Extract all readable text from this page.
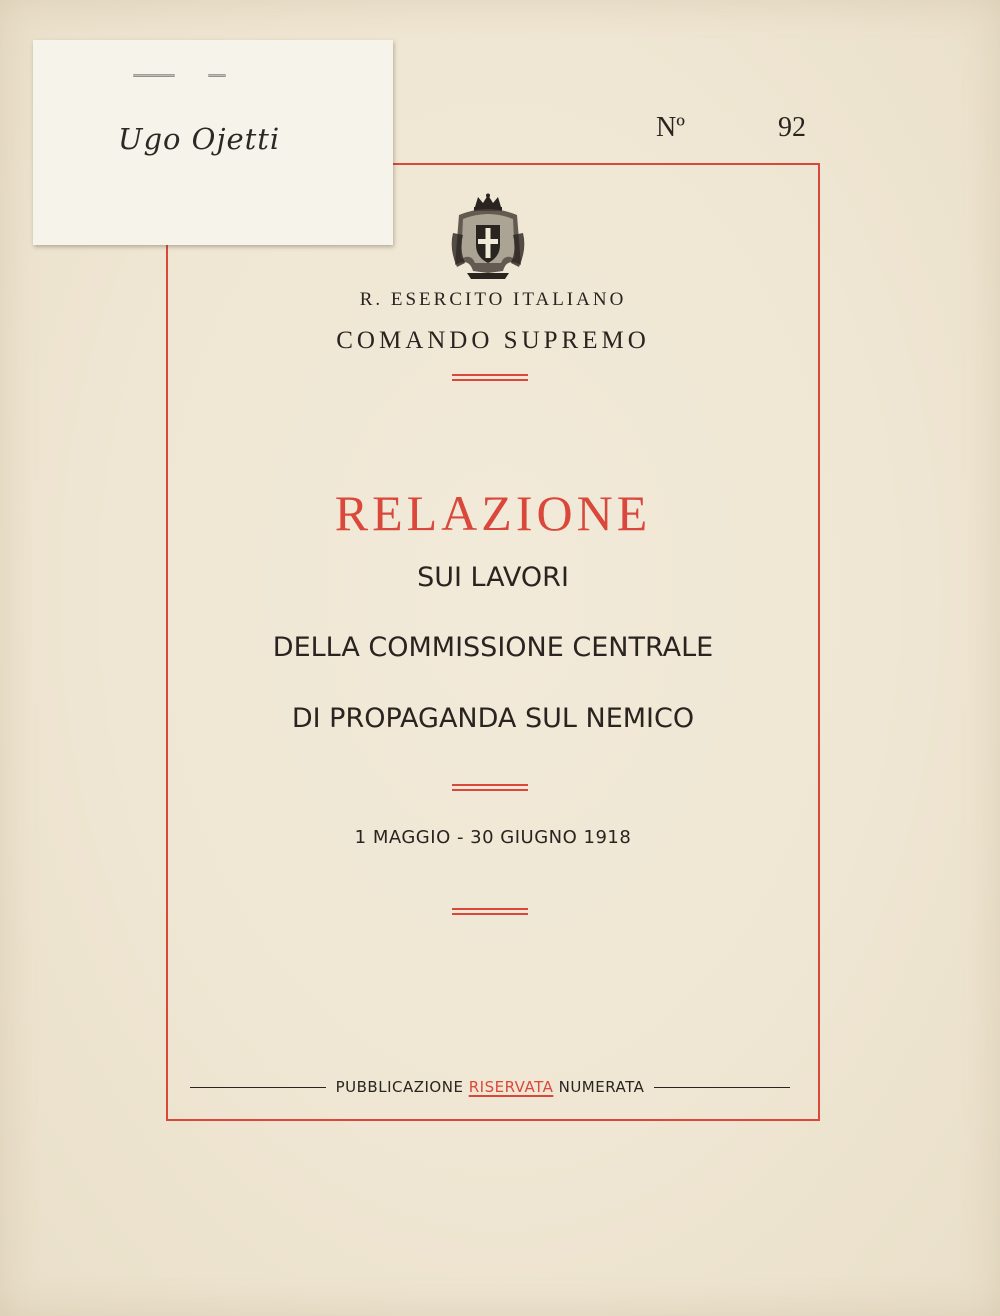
Ugo Ojetti	Nº	92
R. ESERCITO ITALIANO
COMANDO SUPREMO
RELAZIONE
SUI LAVORI
DELLA COMMISSIONE CENTRALE
DI PROPAGANDA SUL NEMICO
1 MAGGIO - 30 GIUGNO 1918
PUBBLICAZIONE RISERVATA NUMERATA
